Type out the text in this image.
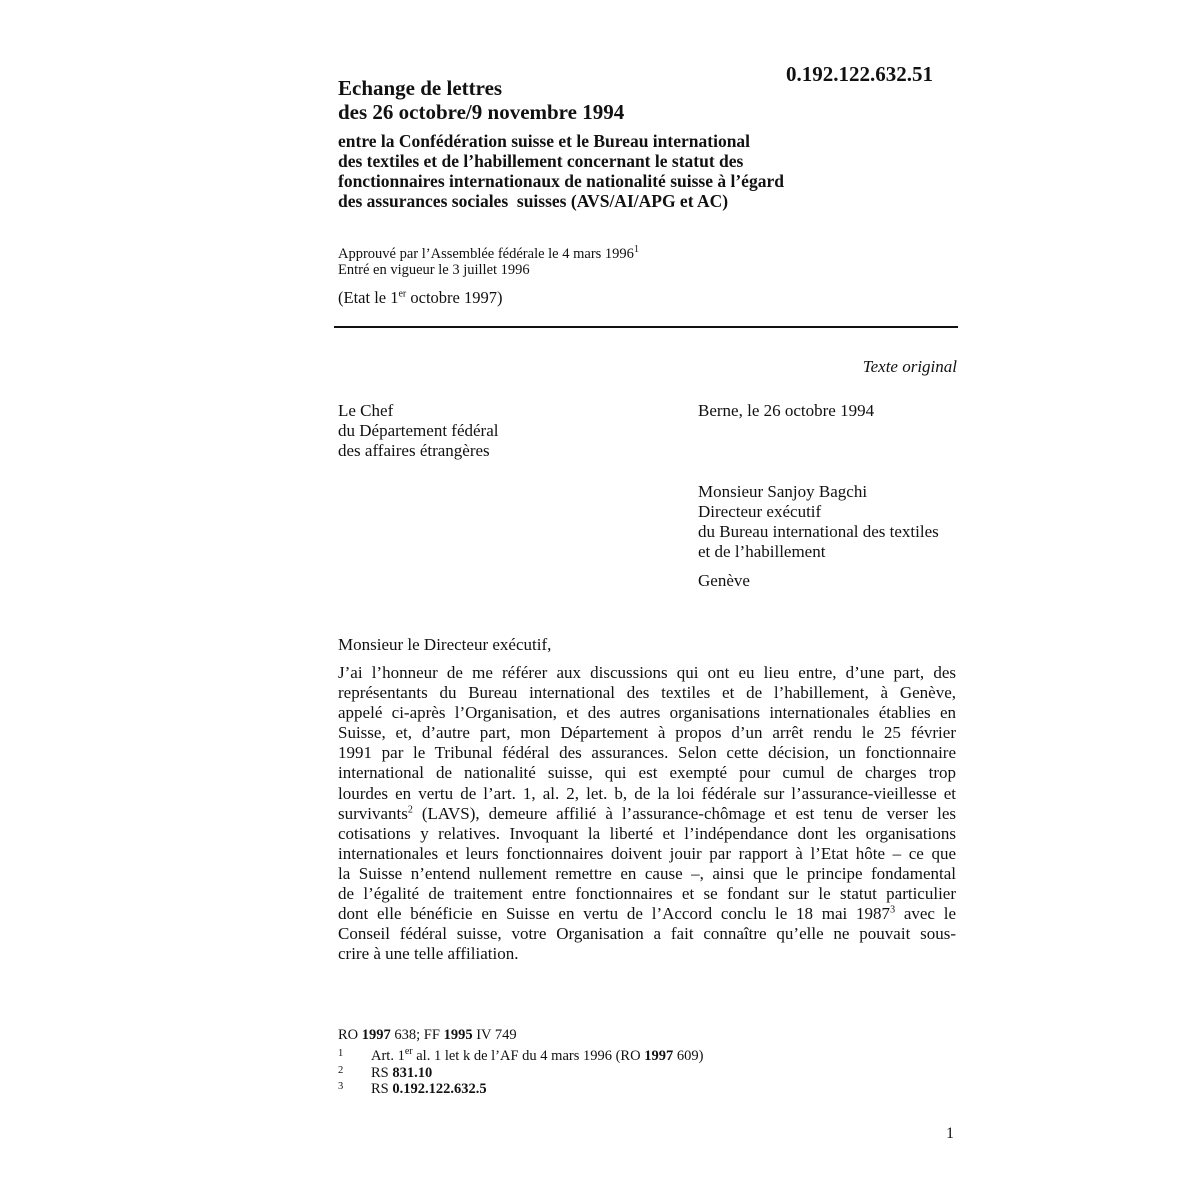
0.192.122.632.51
Echange de lettres
des 26 octobre/9 novembre 1994
entre la Confédération suisse et le Bureau international
des textiles et de l’habillement concernant le statut des
fonctionnaires internationaux de nationalité suisse à l’égard
des assurances sociales  suisses (AVS/AI/APG et AC)
Approuvé par l’Assemblée fédérale le 4 mars 1996$^1$
Entré en vigueur le 3 juillet 1996
(Etat le 1er octobre 1997)
Texte original
Le Chef
du Département fédéral
des affaires étrangères
Berne, le 26 octobre 1994
Monsieur Sanjoy Bagchi
Directeur exécutif
du Bureau international des textiles
et de l’habillement
Genève
Monsieur le Directeur exécutif,
J’ai l’honneur de me référer aux discussions qui ont eu lieu entre, d’une part, des
représentants du Bureau international des textiles et de l’habillement, à Genève,
appelé ci-après l’Organisation, et des autres organisations internationales établies en
Suisse, et, d’autre part, mon Département à propos d’un arrêt rendu le 25 février
1991 par le Tribunal fédéral des assurances. Selon cette décision, un fonctionnaire
international de nationalité suisse, qui est exempté pour cumul de charges trop
lourdes en vertu de l’art. 1, al. 2, let. b, de la loi fédérale sur l’assurance-vieillesse et
survivants$^2$ (LAVS), demeure affilié à l’assurance-chômage et est tenu de verser les
cotisations y relatives. Invoquant la liberté et l’indépendance dont les organisations
internationales et leurs fonctionnaires doivent jouir par rapport à l’Etat hôte – ce que
la Suisse n’entend nullement remettre en cause –, ainsi que le principe fondamental
de l’égalité de traitement entre fonctionnaires et se fondant sur le statut particulier
dont elle bénéficie en Suisse en vertu de l’Accord conclu le 18 mai 1987$^3$ avec le
Conseil fédéral suisse, votre Organisation a fait connaître qu’elle ne pouvait sous-
crire à une telle affiliation.
RO 1997 638; FF 1995 IV 749
1 Art. 1er al. 1 let k de l’AF du 4 mars 1996 (RO 1997 609)
2 RS 831.10
3 RS 0.192.122.632.5
1
